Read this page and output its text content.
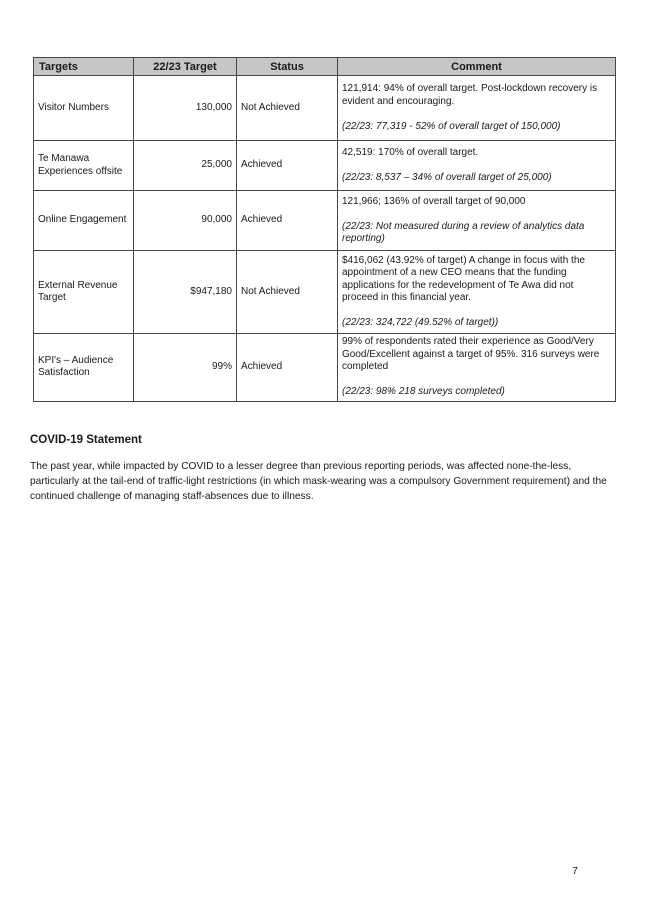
Targets	22/23 Target	Status	Comment
Visitor Numbers	130,000	Not Achieved	121,914: 94% of overall target. Post-lockdown recovery is evident and encouraging.

(22/23: 77,319 - 52% of overall target of 150,000)

Te Manawa Experiences offsite	25,000	Achieved	42,519: 170% of overall target.

(22/23: 8,537 – 34% of overall target of 25,000)

Online Engagement	90,000	Achieved	121,966; 136% of overall target of 90,000

(22/23: Not measured during a review of analytics data reporting)

External Revenue Target	$947,180	Not Achieved	$416,062 (43.92% of target) A change in focus with the appointment of a new CEO means that the funding applications for the redevelopment of Te Awa did not proceed in this financial year.

(22/23: 324,722 (49.52% of target))

KPI's – Audience Satisfaction	99%	Achieved	99% of respondents rated their experience as Good/Very Good/Excellent against a target of 95%. 316 surveys were completed

(22/23: 98% 218 surveys completed)

COVID-19 Statement

The past year, while impacted by COVID to a lesser degree than previous reporting periods, was affected none-the-less, particularly at the tail-end of traffic-light restrictions (in which mask-wearing was a compulsory Government requirement) and the continued challenge of managing staff-absences due to illness.

7
